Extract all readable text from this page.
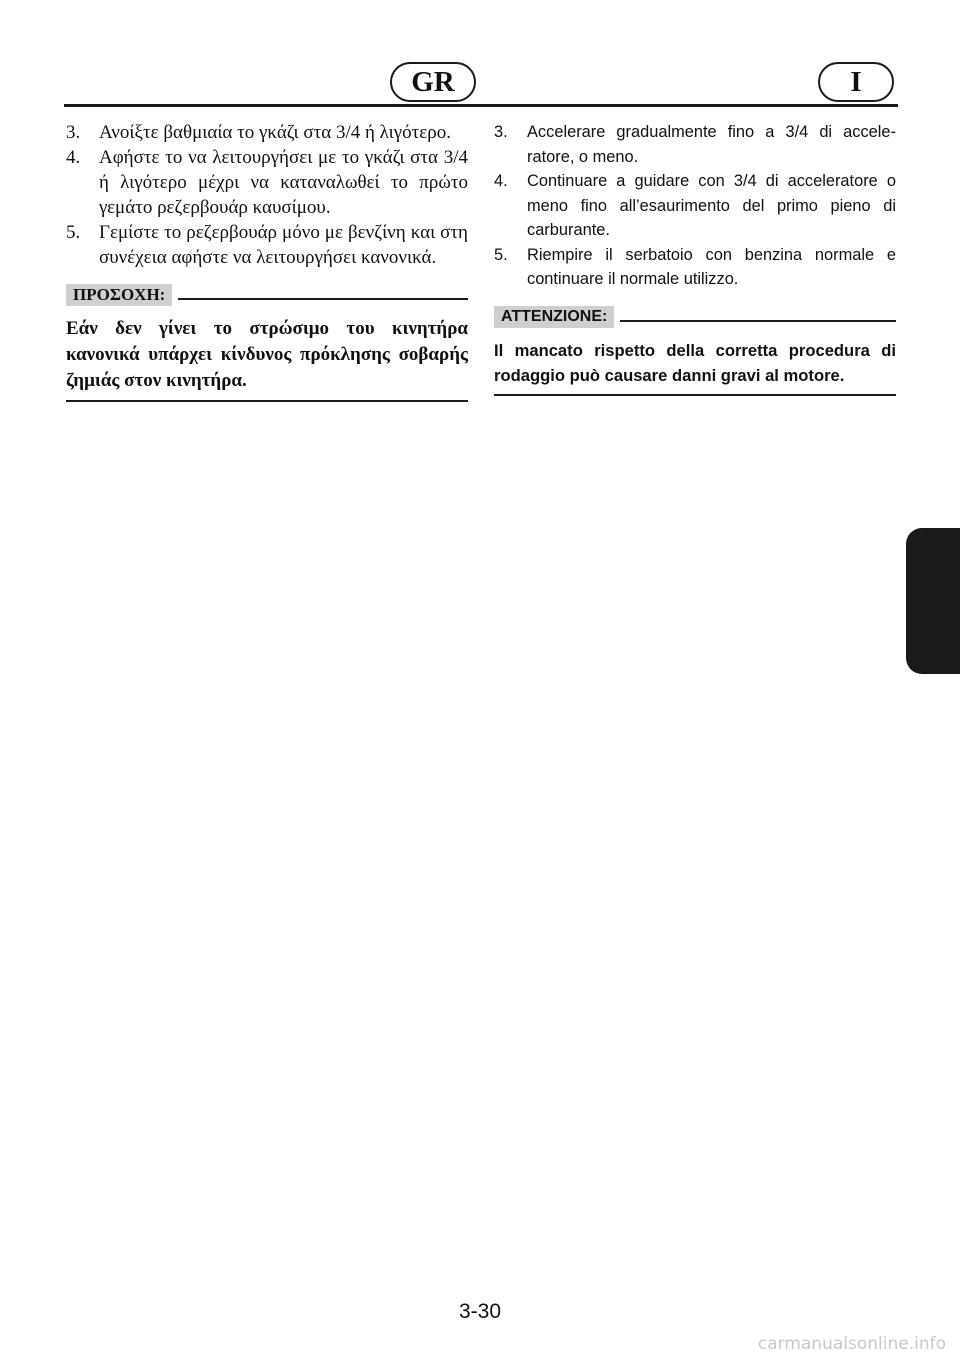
GR	I
3. Ανοίξτε βαθμιαία το γκάζι στα 3/4 ή λιγότερο.
4. Αφήστε το να λειτουργήσει με το γκάζι στα 3/4 ή λιγότερο μέχρι να καταναλωθεί το πρώτο γεμάτο ρεζερβουάρ καυσίμου.
5. Γεμίστε το ρεζερβουάρ μόνο με βενζίνη και στη συνέχεια αφήστε να λειτουργήσει κανονικά.
ΠΡΟΣΟΧΗ:
Εάν δεν γίνει το στρώσιμο του κινητήρα κανονικά υπάρχει κίνδυνος πρόκλησης σοβαρής ζημιάς στον κινητήρα.
3.	Accelerare gradualmente fino a 3/4 di accele-ratore, o meno.
4.	Continuare a guidare con 3/4 di acceleratore o meno fino all’esaurimento del primo pieno di carburante.
5.	Riempire il serbatoio con benzina normale e continuare il normale utilizzo.
ATTENZIONE:
Il mancato rispetto della corretta procedura di rodaggio può causare danni gravi al motore.
3-30
carmanualsonline.info
